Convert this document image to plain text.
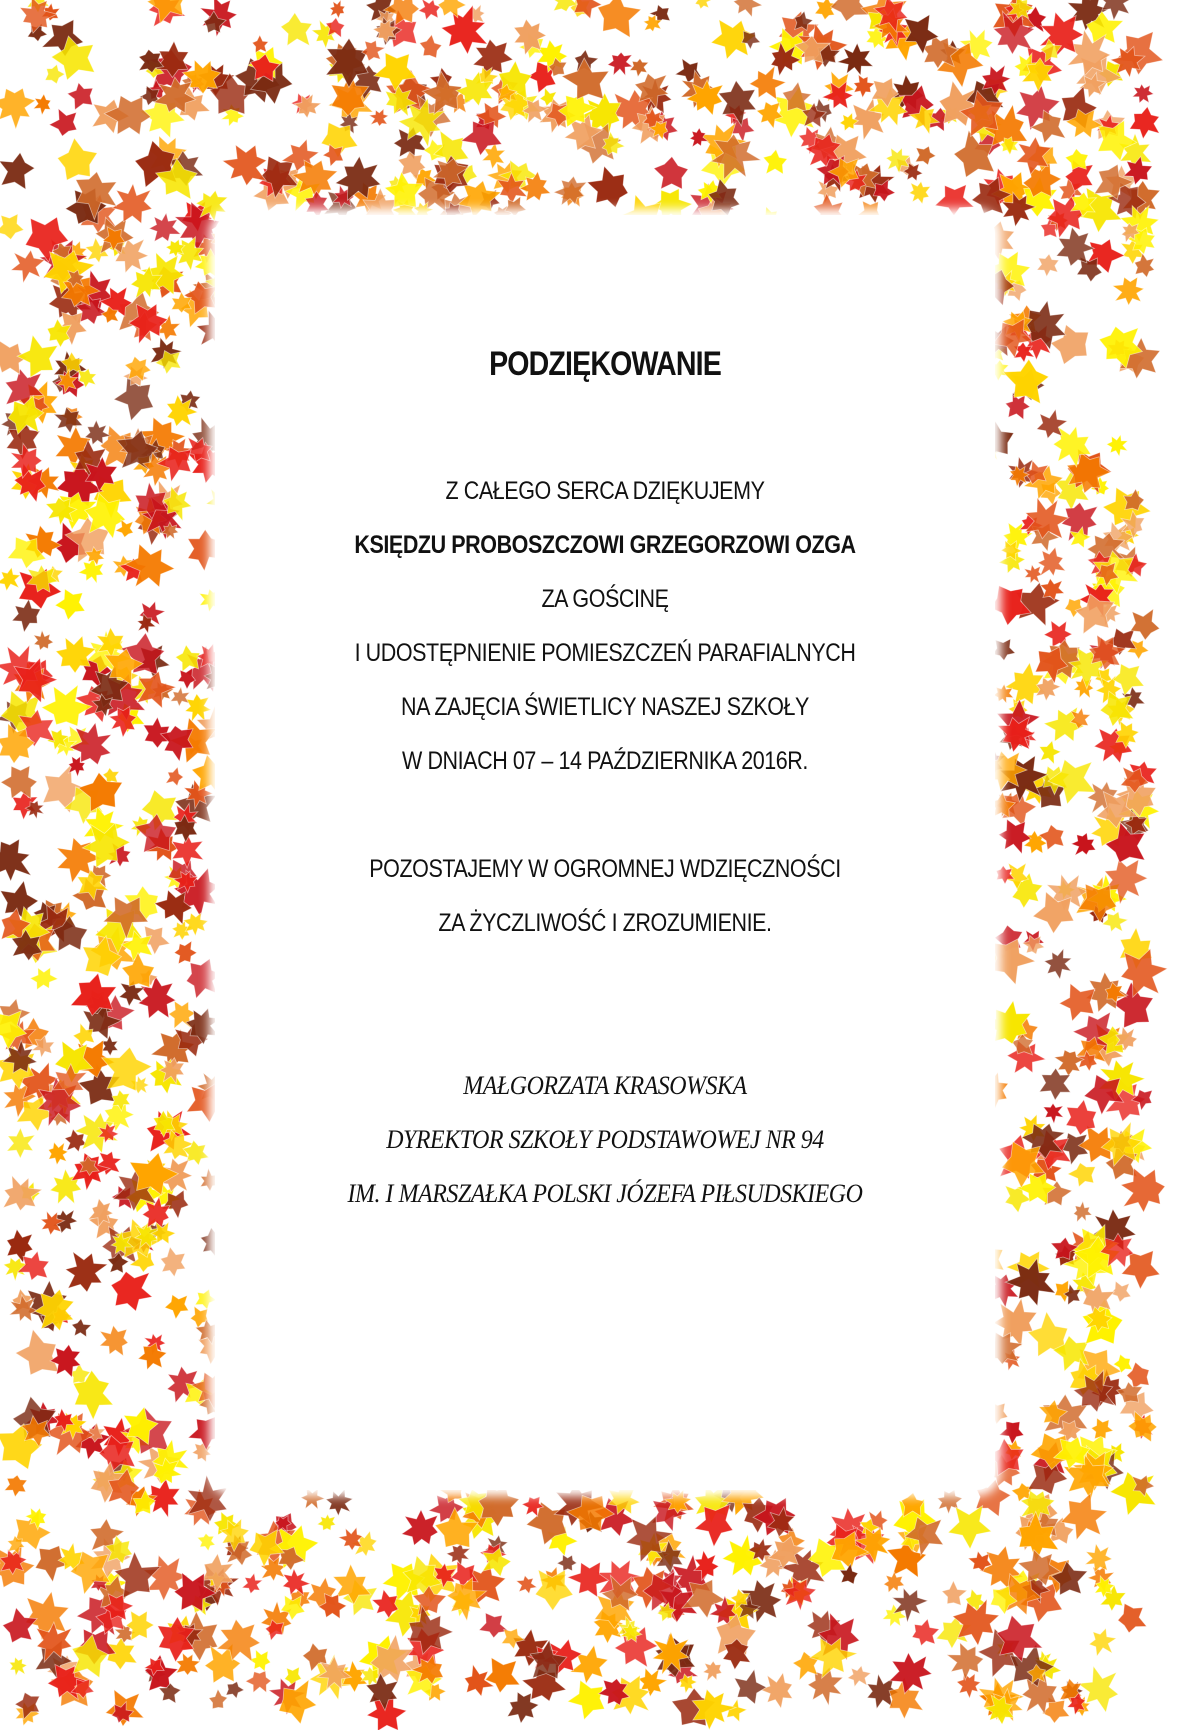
PODZIĘKOWANIE
Z CAŁEGO SERCA DZIĘKUJEMY
KSIĘDZU PROBOSZCZOWI GRZEGORZOWI OZGA
ZA GOŚCINĘ
I UDOSTĘPNIENIE POMIESZCZEŃ PARAFIALNYCH
NA ZAJĘCIA ŚWIETLICY NASZEJ SZKOŁY
W DNIACH 07 – 14 PAŹDZIERNIKA 2016R.
POZOSTAJEMY W OGROMNEJ WDZIĘCZNOŚCI
ZA ŻYCZLIWOŚĆ I ZROZUMIENIE.
MAŁGORZATA KRASOWSKA
DYREKTOR SZKOŁY PODSTAWOWEJ NR 94
IM. I MARSZAŁKA POLSKI JÓZEFA PIŁSUDSKIEGO
